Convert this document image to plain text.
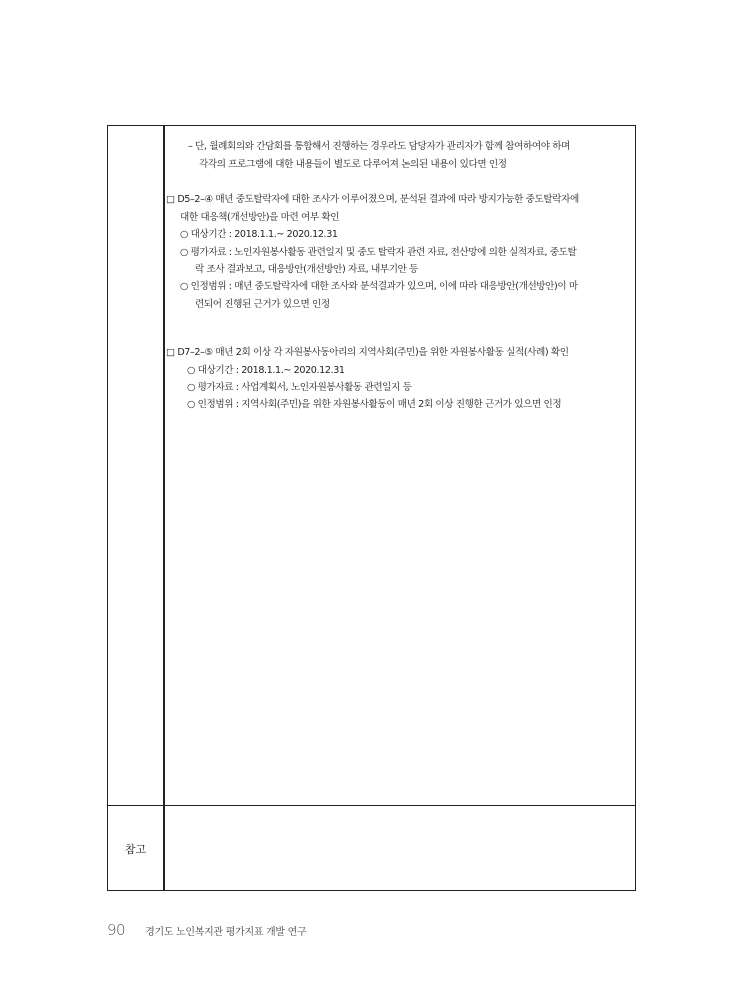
– 단, 월례회의와 간담회를 통합해서 진행하는 경우라도 담당자가 관리자가 함께 참여하여야 하며
각각의 프로그램에 대한 내용들이 별도로 다루어져 논의된 내용이 있다면 인정
□ D5–2–④ 매년 중도탈락자에 대한 조사가 이루어졌으며, 분석된 결과에 따라 방지가능한 중도탈락자에
대한 대응책(개선방안)을 마련 여부 확인
○ 대상기간 : 2018.1.1.~ 2020.12.31
○ 평가자료 : 노인자원봉사활동 관련일지 및 중도 탈락자 관련 자료, 전산망에 의한 실적자료, 중도탈
락 조사 결과보고, 대응방안(개선방안) 자료, 내부기안 등
○ 인정범위 : 매년 중도탈락자에 대한 조사와 분석결과가 있으며, 이에 따라 대응방안(개선방안)이 마
련되어 진행된 근거가 있으면 인정
□ D7–2–⑤ 매년 2회 이상 각 자원봉사동아리의 지역사회(주민)을 위한 자원봉사활동 실적(사례) 확인
○ 대상기간 : 2018.1.1.~ 2020.12.31
○ 평가자료 : 사업계획서, 노인자원봉사활동 관련일지 등
○ 인정범위 : 지역사회(주민)을 위한 자원봉사활동이 매년 2회 이상 진행한 근거가 있으면 인정
참고
90 경기도 노인복지관 평가지표 개발 연구
